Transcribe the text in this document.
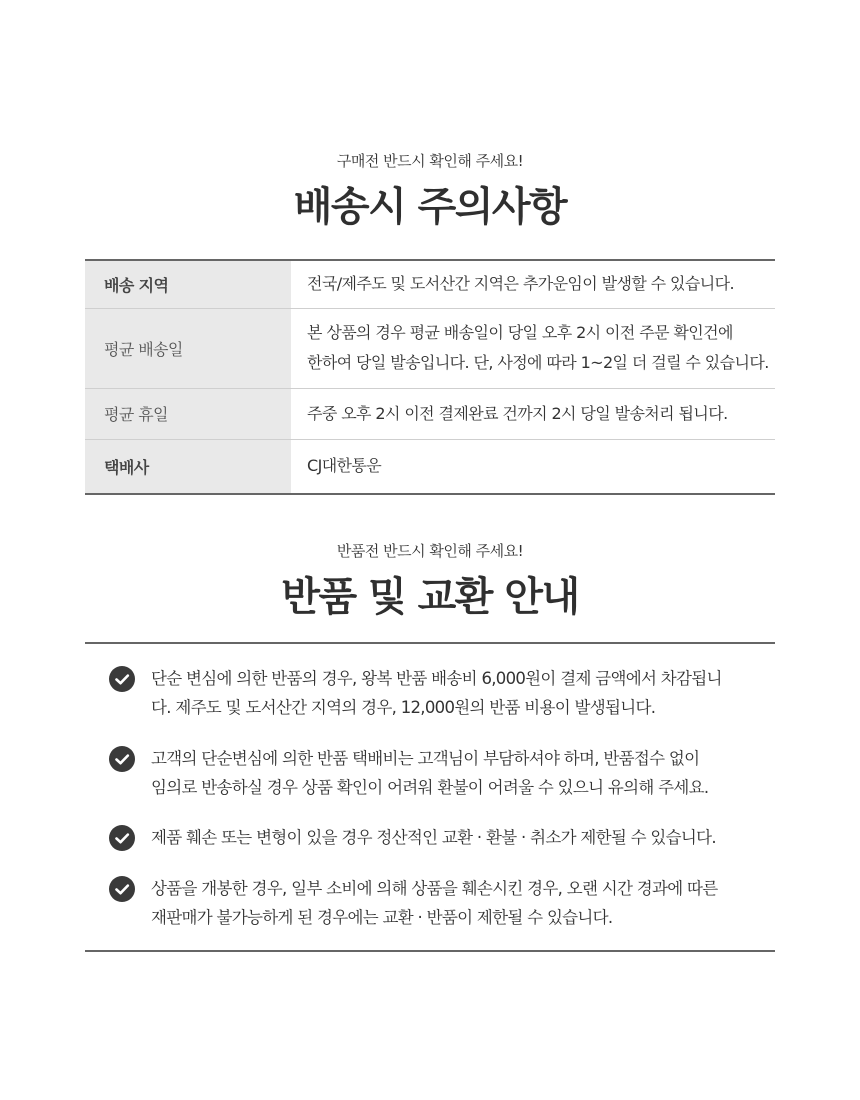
구매전 반드시 확인해 주세요!
배송시 주의사항
배송 지역	전국/제주도 및 도서산간 지역은 추가운임이 발생할 수 있습니다.

평균 배송일	본 상품의 경우 평균 배송일이 당일 오후 2시 이전 주문 확인건에
한하여 당일 발송입니다. 단, 사정에 따라 1~2일 더 걸릴 수 있습니다.

평균 휴일	주중 오후 2시 이전 결제완료 건까지 2시 당일 발송처리 됩니다.

택배사	CJ대한통운
반품전 반드시 확인해 주세요!
반품 및 교환 안내
단순 변심에 의한 반품의 경우, 왕복 반품 배송비 6,000원이 결제 금액에서 차감됩니
다. 제주도 및 도서산간 지역의 경우, 12,000원의 반품 비용이 발생됩니다.
고객의 단순변심에 의한 반품 택배비는 고객님이 부담하셔야 하며, 반품접수 없이
임의로 반송하실 경우 상품 확인이 어려워 환불이 어려울 수 있으니 유의해 주세요.
제품 훼손 또는 변형이 있을 경우 정산적인 교환 · 환불 · 취소가 제한될 수 있습니다.
상품을 개봉한 경우, 일부 소비에 의해 상품을 훼손시킨 경우, 오랜 시간 경과에 따른
재판매가 불가능하게 된 경우에는 교환 · 반품이 제한될 수 있습니다.
